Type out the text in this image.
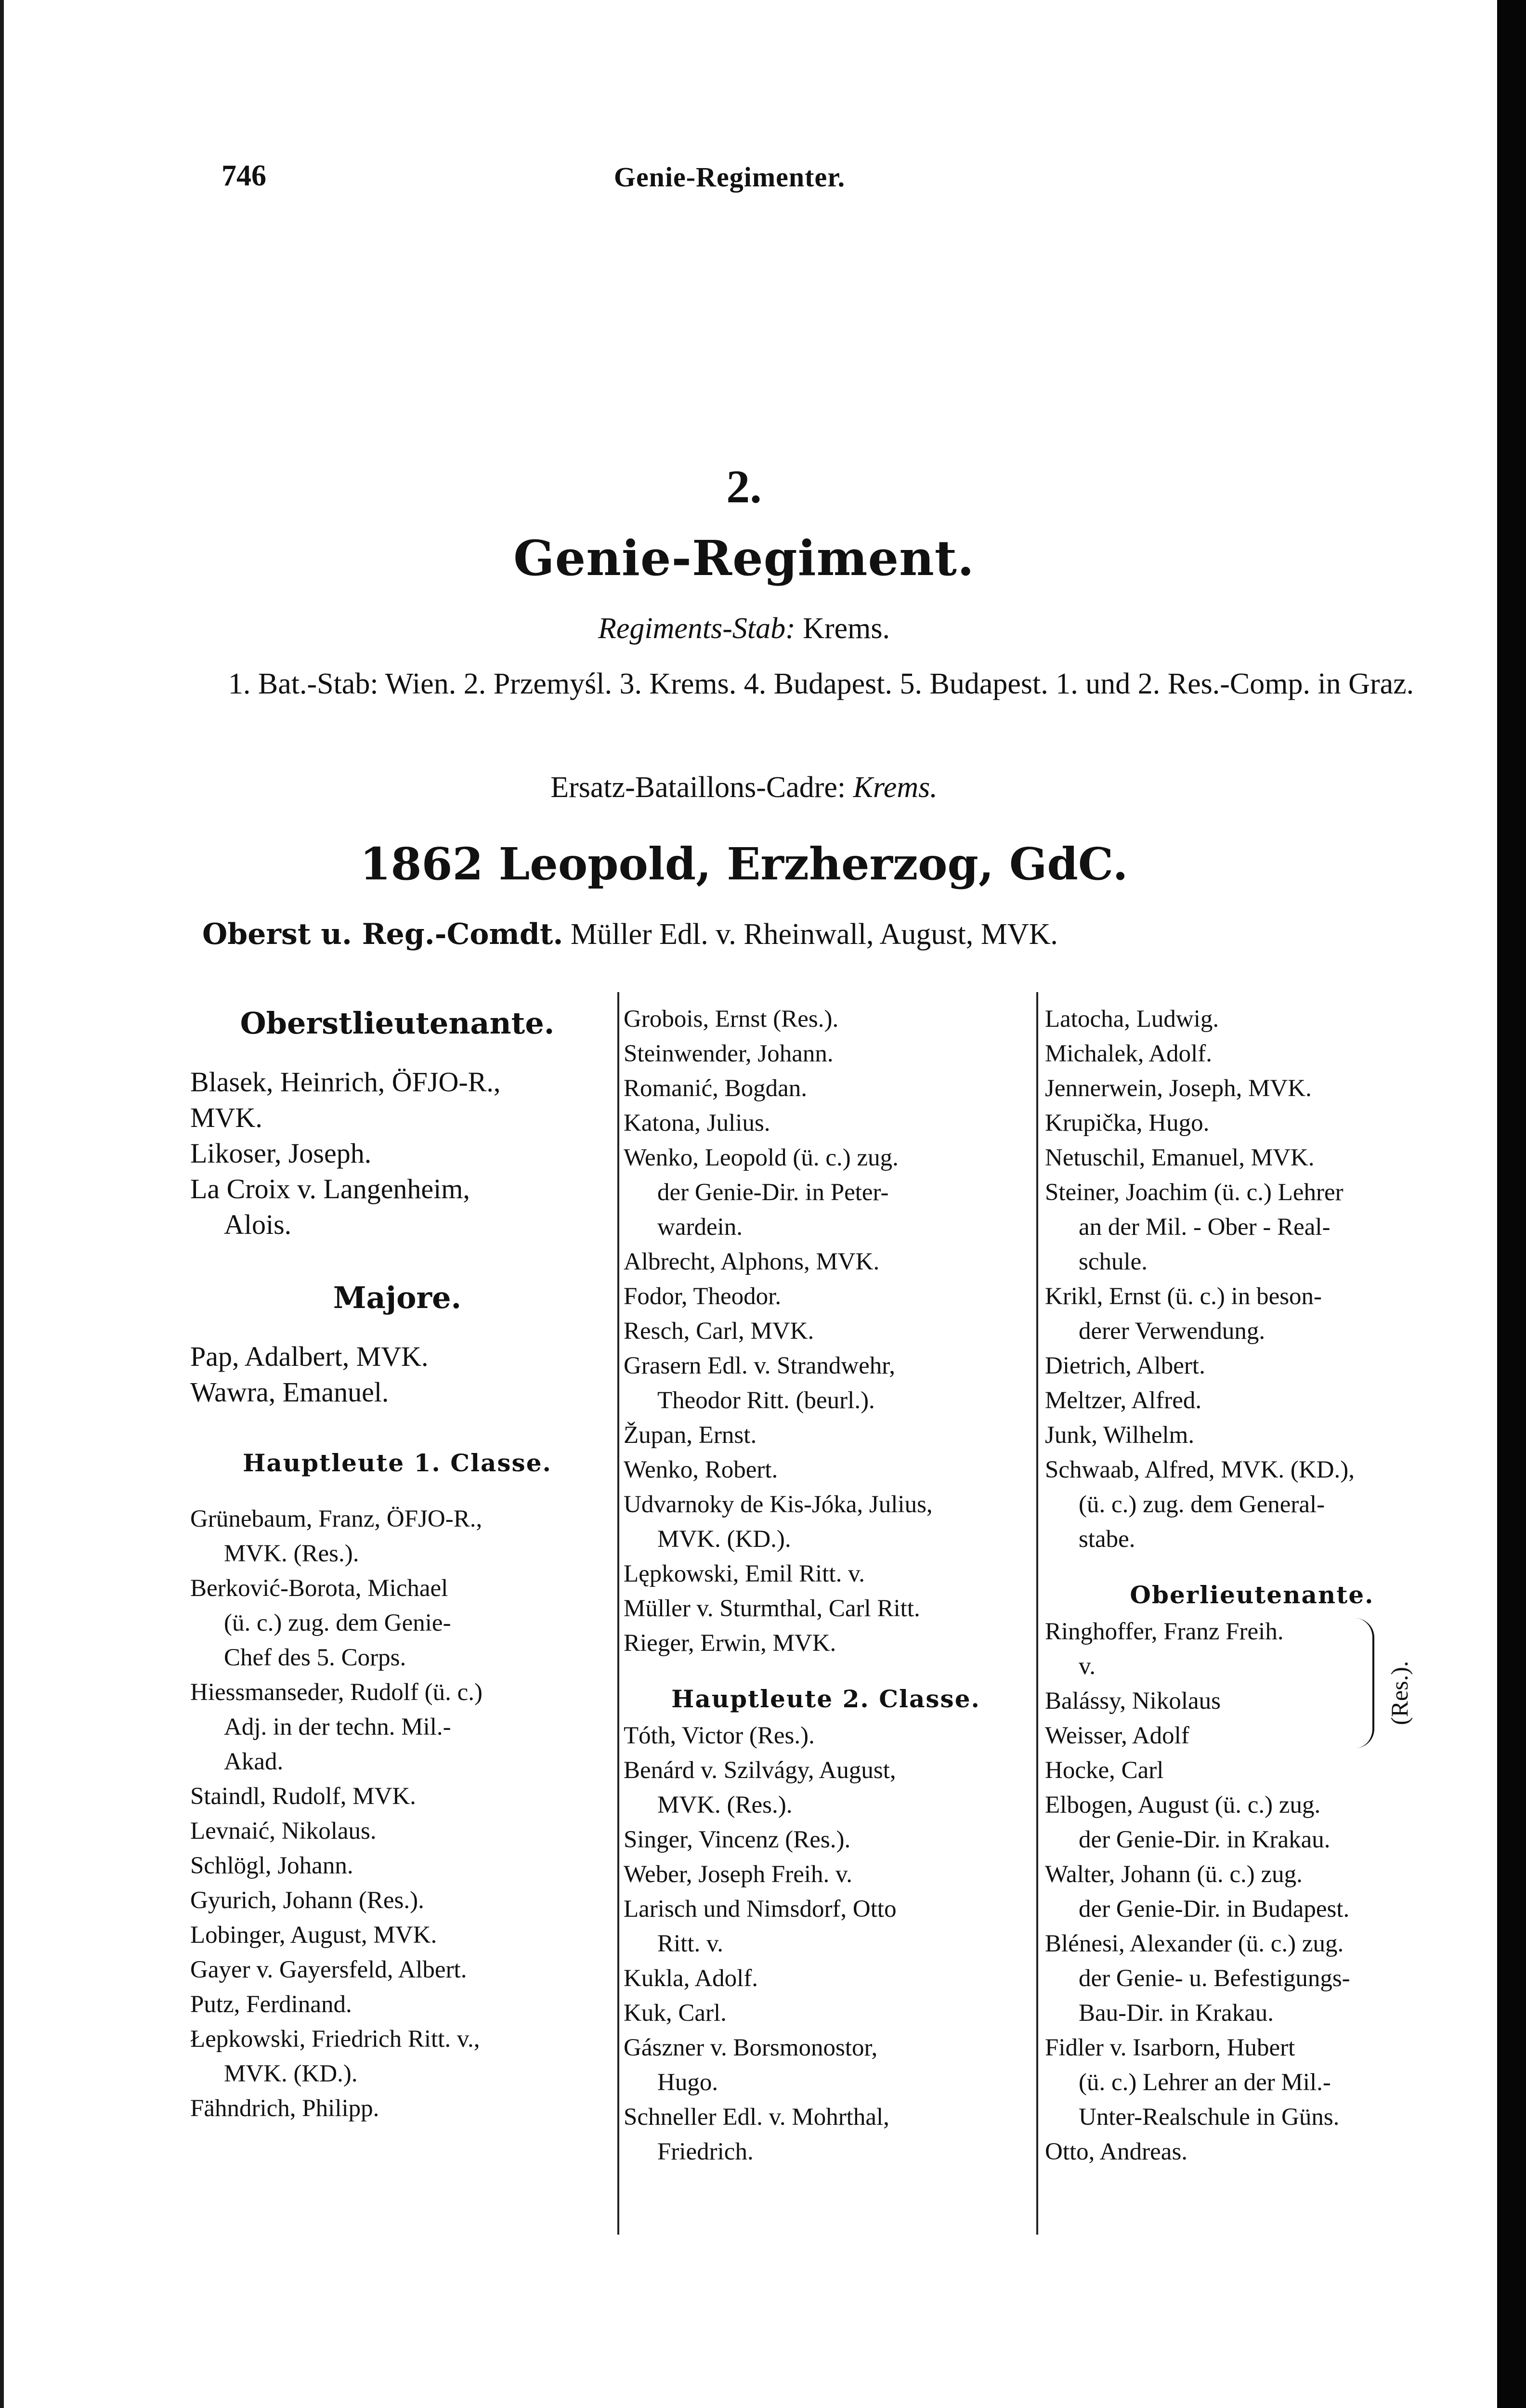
746	Genie-Regimenter.
2.
Genie-Regiment.
Regiments-Stab: Krems.
1. Bat.-Stab: Wien. 2. Przemyśl. 3. Krems. 4. Budapest. 5. Budapest. 1. und 2. Res.-Comp. in Graz.
Ersatz-Bataillons-Cadre: Krems.
1862 Leopold, Erzherzog, GdC.
Oberst u. Reg.-Comdt. Müller Edl. v. Rheinwall, August, MVK.
Oberstlieutenante.
Blasek, Heinrich, ÖFJO-R.,
MVK.
Likoser, Joseph.
La Croix v. Langenheim,
Alois.
Majore.
Pap, Adalbert, MVK.
Wawra, Emanuel.
Hauptleute 1. Classe.
Grünebaum, Franz, ÖFJO-R.,
MVK. (Res.).
Berković-Borota, Michael
(ü. c.) zug. dem Genie-
Chef des 5. Corps.
Hiessmanseder, Rudolf (ü. c.)
Adj. in der techn. Mil.-
Akad.
Staindl, Rudolf, MVK.
Levnaić, Nikolaus.
Schlögl, Johann.
Gyurich, Johann (Res.).
Lobinger, August, MVK.
Gayer v. Gayersfeld, Albert.
Putz, Ferdinand.
Łepkowski, Friedrich Ritt. v.,
MVK. (KD.).
Fähndrich, Philipp.
Grobois, Ernst (Res.).
Steinwender, Johann.
Romanić, Bogdan.
Katona, Julius.
Wenko, Leopold (ü. c.) zug.
der Genie-Dir. in Peter-
wardein.
Albrecht, Alphons, MVK.
Fodor, Theodor.
Resch, Carl, MVK.
Grasern Edl. v. Strandwehr,
Theodor Ritt. (beurl.).
Župan, Ernst.
Wenko, Robert.
Udvarnoky de Kis-Jóka, Julius,
MVK. (KD.).
Lępkowski, Emil Ritt. v.
Müller v. Sturmthal, Carl Ritt.
Rieger, Erwin, MVK.
Hauptleute 2. Classe.
Tóth, Victor (Res.).
Benárd v. Szilvágy, August,
MVK. (Res.).
Singer, Vincenz (Res.).
Weber, Joseph Freih. v.
Larisch und Nimsdorf, Otto
Ritt. v.
Kukla, Adolf.
Kuk, Carl.
Gászner v. Borsmonostor,
Hugo.
Schneller Edl. v. Mohrthal,
Friedrich.
Latocha, Ludwig.
Michalek, Adolf.
Jennerwein, Joseph, MVK.
Krupička, Hugo.
Netuschil, Emanuel, MVK.
Steiner, Joachim (ü. c.) Lehrer
an der Mil. - Ober - Real-
schule.
Krikl, Ernst (ü. c.) in beson-
derer Verwendung.
Dietrich, Albert.
Meltzer, Alfred.
Junk, Wilhelm.
Schwaab, Alfred, MVK. (KD.),
(ü. c.) zug. dem General-
stabe.
Oberlieutenante.
Ringhoffer, Franz Freih.
v.
Balássy, Nikolaus
Weisser, Adolf
Hocke, Carl
(Res.).
Elbogen, August (ü. c.) zug.
der Genie-Dir. in Krakau.
Walter, Johann (ü. c.) zug.
der Genie-Dir. in Budapest.
Blénesi, Alexander (ü. c.) zug.
der Genie- u. Befestigungs-
Bau-Dir. in Krakau.
Fidler v. Isarborn, Hubert
(ü. c.) Lehrer an der Mil.-
Unter-Realschule in Güns.
Otto, Andreas.
